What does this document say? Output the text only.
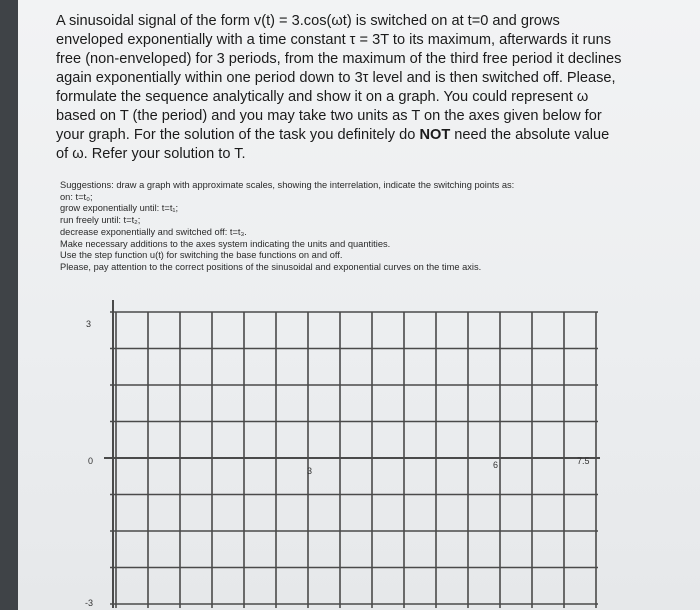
A sinusoidal signal of the form v(t) = 3.cos(ωt) is switched on at t=0 and grows
enveloped exponentially with a time constant τ = 3T to its maximum, afterwards it runs
free (non-enveloped) for 3 periods, from the maximum of the third free period it declines
again exponentially within one period down to 3τ level and is then switched off. Please,
formulate the sequence analytically and show it on a graph. You could represent ω
based on T (the period) and you may take two units as T on the axes given below for
your graph. For the solution of the task you definitely do NOT need the absolute value
of ω. Refer your solution to T.
Suggestions: draw a graph with approximate scales, showing the interrelation, indicate the switching points as:
on: t=t₀;
grow exponentially until: t=t₁;
run freely until: t=t₂;
decrease exponentially and switched off: t=t₃.
Make necessary additions to the axes system indicating the units and quantities.
Use the step function u(t) for switching the base functions on and off.
Please, pay attention to the correct positions of the sinusoidal and exponential curves on the time axis.
3
0
-3
3
6	7.5
